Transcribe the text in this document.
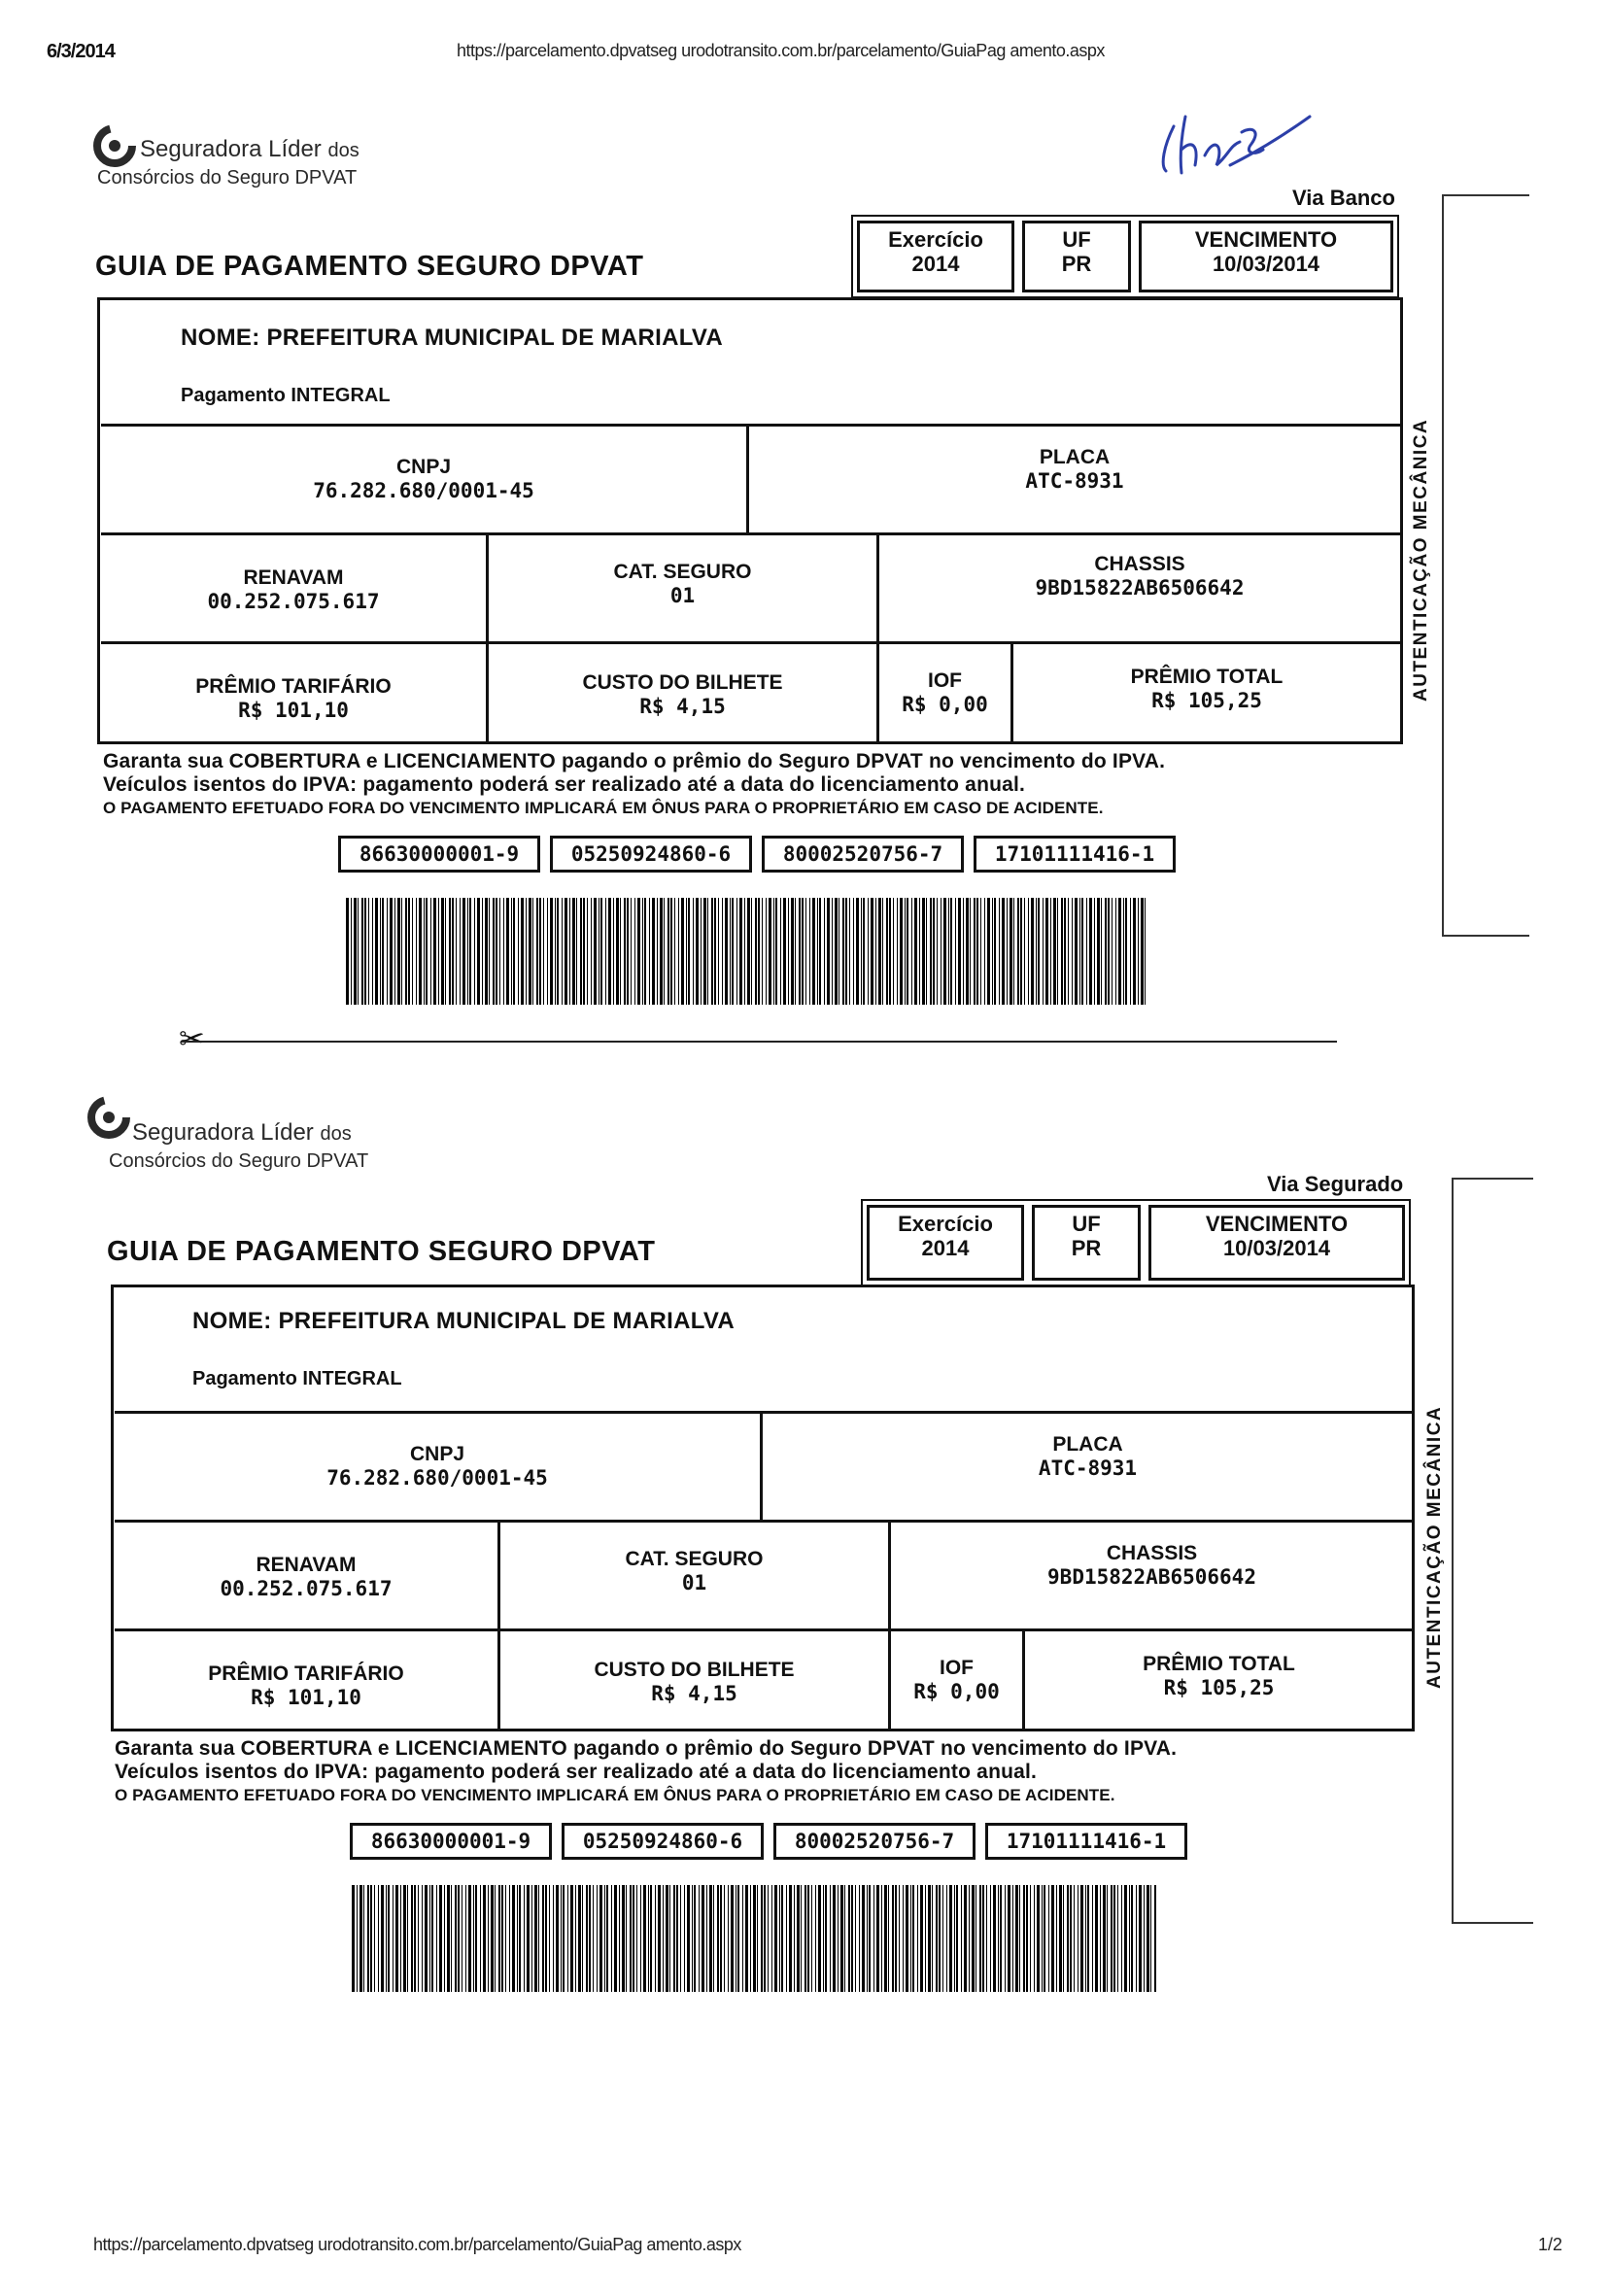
6/3/2014	https://parcelamento.dpvatseg urodotransito.com.br/parcelamento/GuiaPag amento.aspx
Seguradora Líder dos
Consórcios do Seguro DPVAT
Via Banco
GUIA DE PAGAMENTO SEGURO DPVAT
Exercício
2014
UF
PR
VENCIMENTO
10/03/2014
NOME: PREFEITURA MUNICIPAL DE MARIALVA
Pagamento INTEGRAL
CNPJ
76.282.680/0001-45
PLACA
ATC-8931
RENAVAM
00.252.075.617
CAT. SEGURO
01
CHASSIS
9BD15822AB6506642
PRÊMIO TARIFÁRIO
R$ 101,10
CUSTO DO BILHETE
R$ 4,15
IOF
R$ 0,00
PRÊMIO TOTAL
R$ 105,25
Garanta sua COBERTURA e LICENCIAMENTO pagando o prêmio do Seguro DPVAT no vencimento do IPVA.
Veículos isentos do IPVA: pagamento poderá ser realizado até a data do licenciamento anual.
O PAGAMENTO EFETUADO FORA DO VENCIMENTO IMPLICARÁ EM ÔNUS PARA O PROPRIETÁRIO EM CASO DE ACIDENTE.
86630000001-9	05250924860-6	80002520756-7	17101111416-1
AUTENTICAÇÃO MECÂNICA
✂
Seguradora Líder dos
Consórcios do Seguro DPVAT
Via Segurado
GUIA DE PAGAMENTO SEGURO DPVAT
Exercício
2014
UF
PR
VENCIMENTO
10/03/2014
NOME: PREFEITURA MUNICIPAL DE MARIALVA
Pagamento INTEGRAL
CNPJ
76.282.680/0001-45
PLACA
ATC-8931
RENAVAM
00.252.075.617
CAT. SEGURO
01
CHASSIS
9BD15822AB6506642
PRÊMIO TARIFÁRIO
R$ 101,10
CUSTO DO BILHETE
R$ 4,15
IOF
R$ 0,00
PRÊMIO TOTAL
R$ 105,25
Garanta sua COBERTURA e LICENCIAMENTO pagando o prêmio do Seguro DPVAT no vencimento do IPVA.
Veículos isentos do IPVA: pagamento poderá ser realizado até a data do licenciamento anual.
O PAGAMENTO EFETUADO FORA DO VENCIMENTO IMPLICARÁ EM ÔNUS PARA O PROPRIETÁRIO EM CASO DE ACIDENTE.
86630000001-9	05250924860-6	80002520756-7	17101111416-1
AUTENTICAÇÃO MECÂNICA
https://parcelamento.dpvatseg urodotransito.com.br/parcelamento/GuiaPag amento.aspx	1/2
